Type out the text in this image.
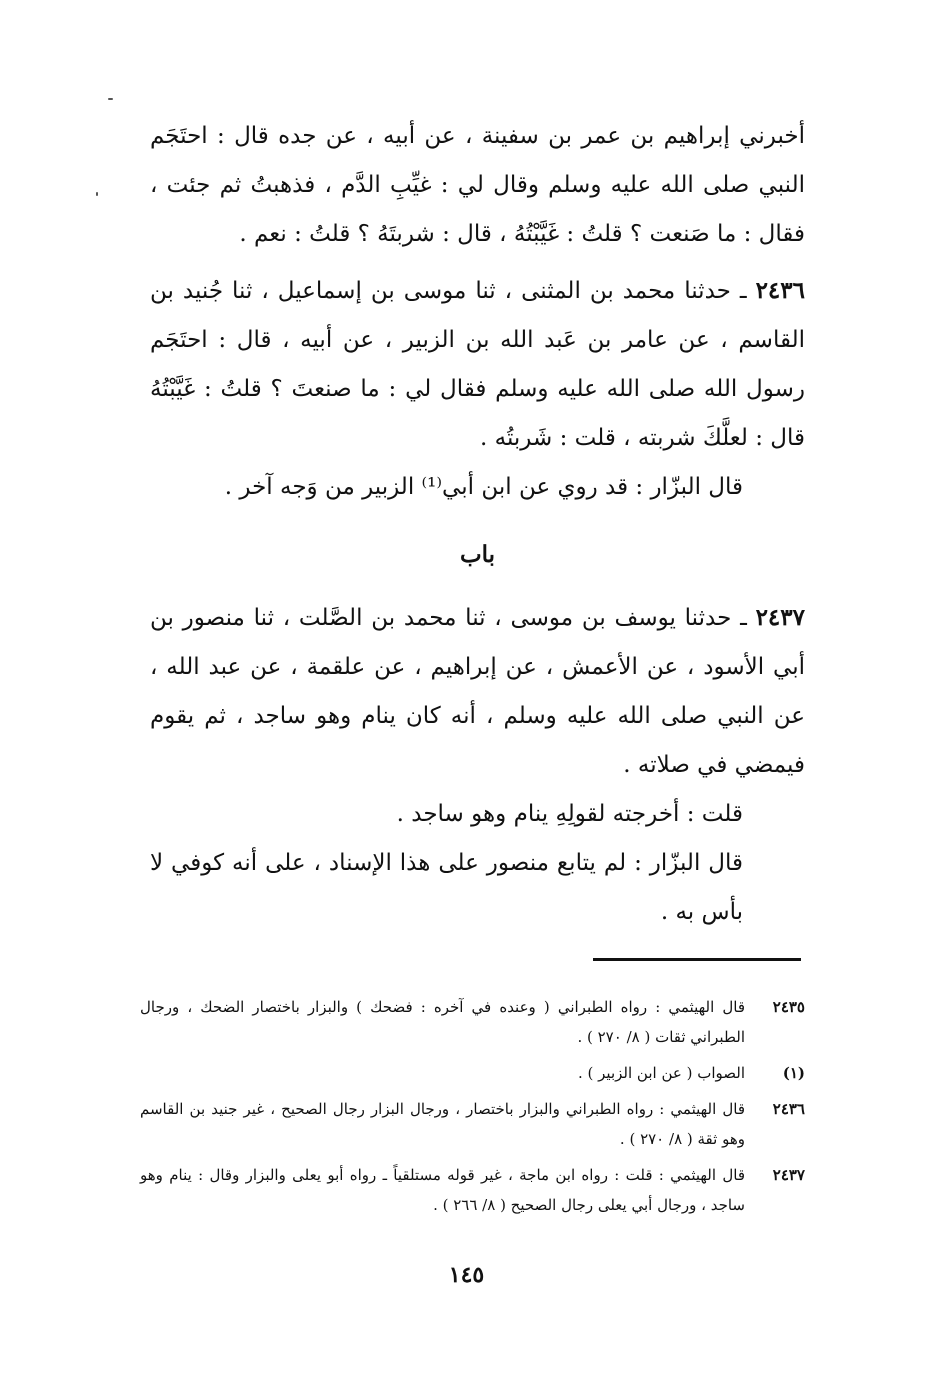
أخبرني إبراهيم بن عمر بن سفينة ، عن أبيه ، عن جده قال : احتَجَم النبي صلى الله عليه وسلم وقال لي : غيِّبِ الدَّم ، فذهبتُ ثم جئت ، فقال : ما صَنعت ؟ قلتُ : غَيَّبْتُهُ ، قال : شربتَهُ ؟ قلتُ : نعم .

٢٤٣٦ ـ حدثنا محمد بن المثنى ، ثنا موسى بن إسماعيل ، ثنا جُنيد بن القاسم ، عن عامر بن عَبد الله بن الزبير ، عن أبيه ، قال : احتَجَم رسول الله صلى الله عليه وسلم فقال لي : ما صنعتَ ؟ قلتُ : غَيَّبْتُهُ قال : لعلَّكَ شربته ، قلت : شَربتُه .

قال البزّار : قد روي عن ابن أبي⁽¹⁾ الزبير من وَجه آخر .

باب

٢٤٣٧ ـ حدثنا يوسف بن موسى ، ثنا محمد بن الصَّلت ، ثنا منصور بن أبي الأسود ، عن الأعمش ، عن إبراهيم ، عن علقمة ، عن عبد الله ، عن النبي صلى الله عليه وسلم ، أنه كان ينام وهو ساجد ، ثم يقوم فيمضي في صلاته .

قلت : أخرجته لقولِهِ ينام وهو ساجد .

قال البزّار : لم يتابع منصور على هذا الإسناد ، على أنه كوفي لا بأس به .

٢٤٣٥
قال الهيثمي : رواه الطبراني ( وعنده في آخره : فضحك ) والبزار باختصار الضحك ، ورجال الطبراني ثقات ( ٨/ ٢٧٠ ) .
(١)
الصواب ( عن ابن الزبير ) .
٢٤٣٦
قال الهيثمي : رواه الطبراني والبزار باختصار ، ورجال البزار رجال الصحيح ، غير جنيد بن القاسم وهو ثقة ( ٨/ ٢٧٠ ) .
٢٤٣٧
قال الهيثمي : قلت : رواه ابن ماجة ، غير قوله مستلقياً ـ رواه أبو يعلى والبزار وقال : ينام وهو ساجد ، ورجال أبي يعلى رجال الصحيح ( ٨/ ٢٦٦ ) .
١٤٥
